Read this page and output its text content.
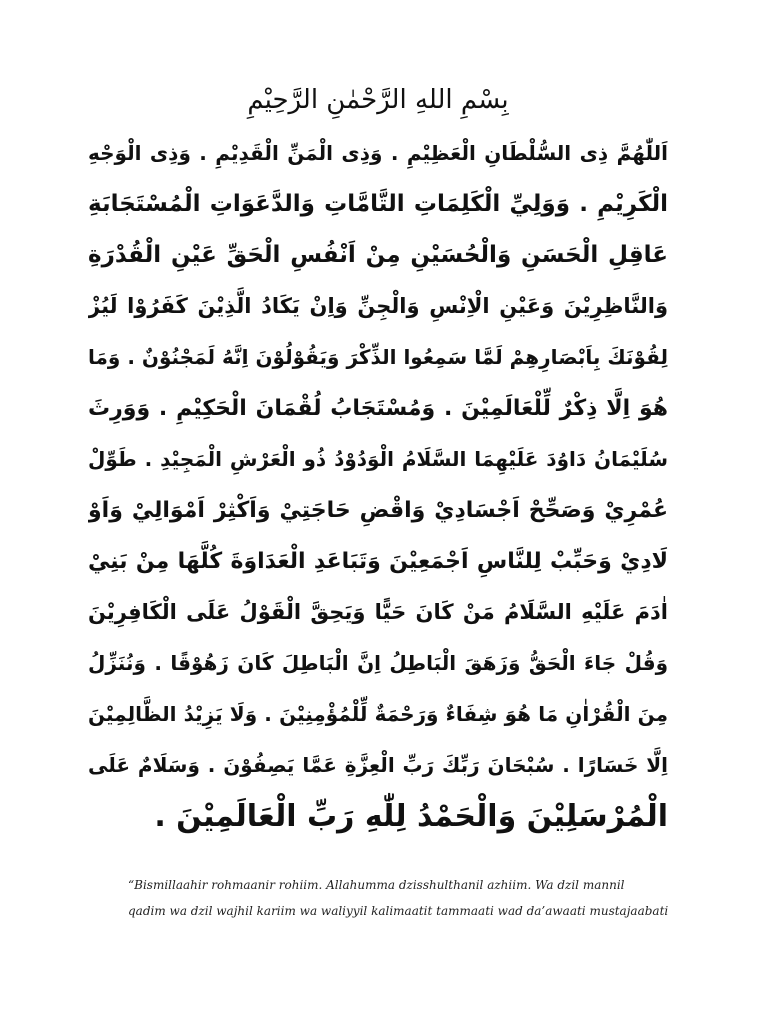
بِسْمِ اللهِ الرَّحْمٰنِ الرَّحِيْمِ
اَللّٰهُمَّ ذِى السُّلْطَانِ الْعَظِيْمِ . وَذِى الْمَنِّ الْقَدِيْمِ . وَذِى الْوَجْهِ
الْكَرِيْمِ . وَوَلِيِّ الْكَلِمَاتِ التَّامَّاتِ وَالدَّعَوَاتِ الْمُسْتَجَابَةِ
عَاقِلِ الْحَسَنِ وَالْحُسَيْنِ مِنْ اَنْفُسِ الْحَقِّ عَيْنِ الْقُدْرَةِ
وَالنَّاظِرِيْنَ وَعَيْنِ الْاِنْسِ وَالْجِنِّ وَاِنْ يَكَادُ الَّذِيْنَ كَفَرُوْا لَيُزْ
لِقُوْنَكَ بِاَبْصَارِهِمْ لَمَّا سَمِعُوا الذِّكْرَ وَيَقُوْلُوْنَ اِنَّهُ لَمَجْنُوْنٌ . وَمَا
هُوَ اِلَّا ذِكْرٌ لِّلْعَالَمِيْنَ . وَمُسْتَجَابُ لُقْمَانَ الْحَكِيْمِ . وَوَرِثَ
سُلَيْمَانُ دَاوُدَ عَلَيْهِمَا السَّلَامُ الْوَدُوْدُ ذُو الْعَرْشِ الْمَجِيْدِ . طَوِّلْ
عُمْرِيْ وَصَحِّحْ اَجْسَادِيْ وَاقْضِ حَاجَتِيْ وَاَكْثِرْ اَمْوَالِيْ وَاَوْ
لَادِيْ وَحَبِّبْ لِلنَّاسِ اَجْمَعِيْنَ وَتَبَاعَدِ الْعَدَاوَةَ كُلَّهَا مِنْ بَنِيْ
اٰدَمَ عَلَيْهِ السَّلَامُ مَنْ كَانَ حَيًّا وَيَحِقَّ الْقَوْلُ عَلَى الْكَافِرِيْنَ
وَقُلْ جَاءَ الْحَقُّ وَزَهَقَ الْبَاطِلُ اِنَّ الْبَاطِلَ كَانَ زَهُوْقًا . وَنُنَزِّلُ
مِنَ الْقُرْاٰنِ مَا هُوَ شِفَاءٌ وَرَحْمَةٌ لِّلْمُؤْمِنِيْنَ . وَلَا يَزِيْدُ الظَّالِمِيْنَ
اِلَّا خَسَارًا . سُبْحَانَ رَبِّكَ رَبِّ الْعِزَّةِ عَمَّا يَصِفُوْنَ . وَسَلَامٌ عَلَى
الْمُرْسَلِيْنَ وَالْحَمْدُ لِلّٰهِ رَبِّ الْعَالَمِيْنَ .
“Bismillaahir rohmaanir rohiim. Allahumma dzisshulthanil azhiim. Wa dzil mannil
qadim wa dzil wajhil kariim wa waliyyil kalimaatit tammaati wad da’awaati mustajaabati
